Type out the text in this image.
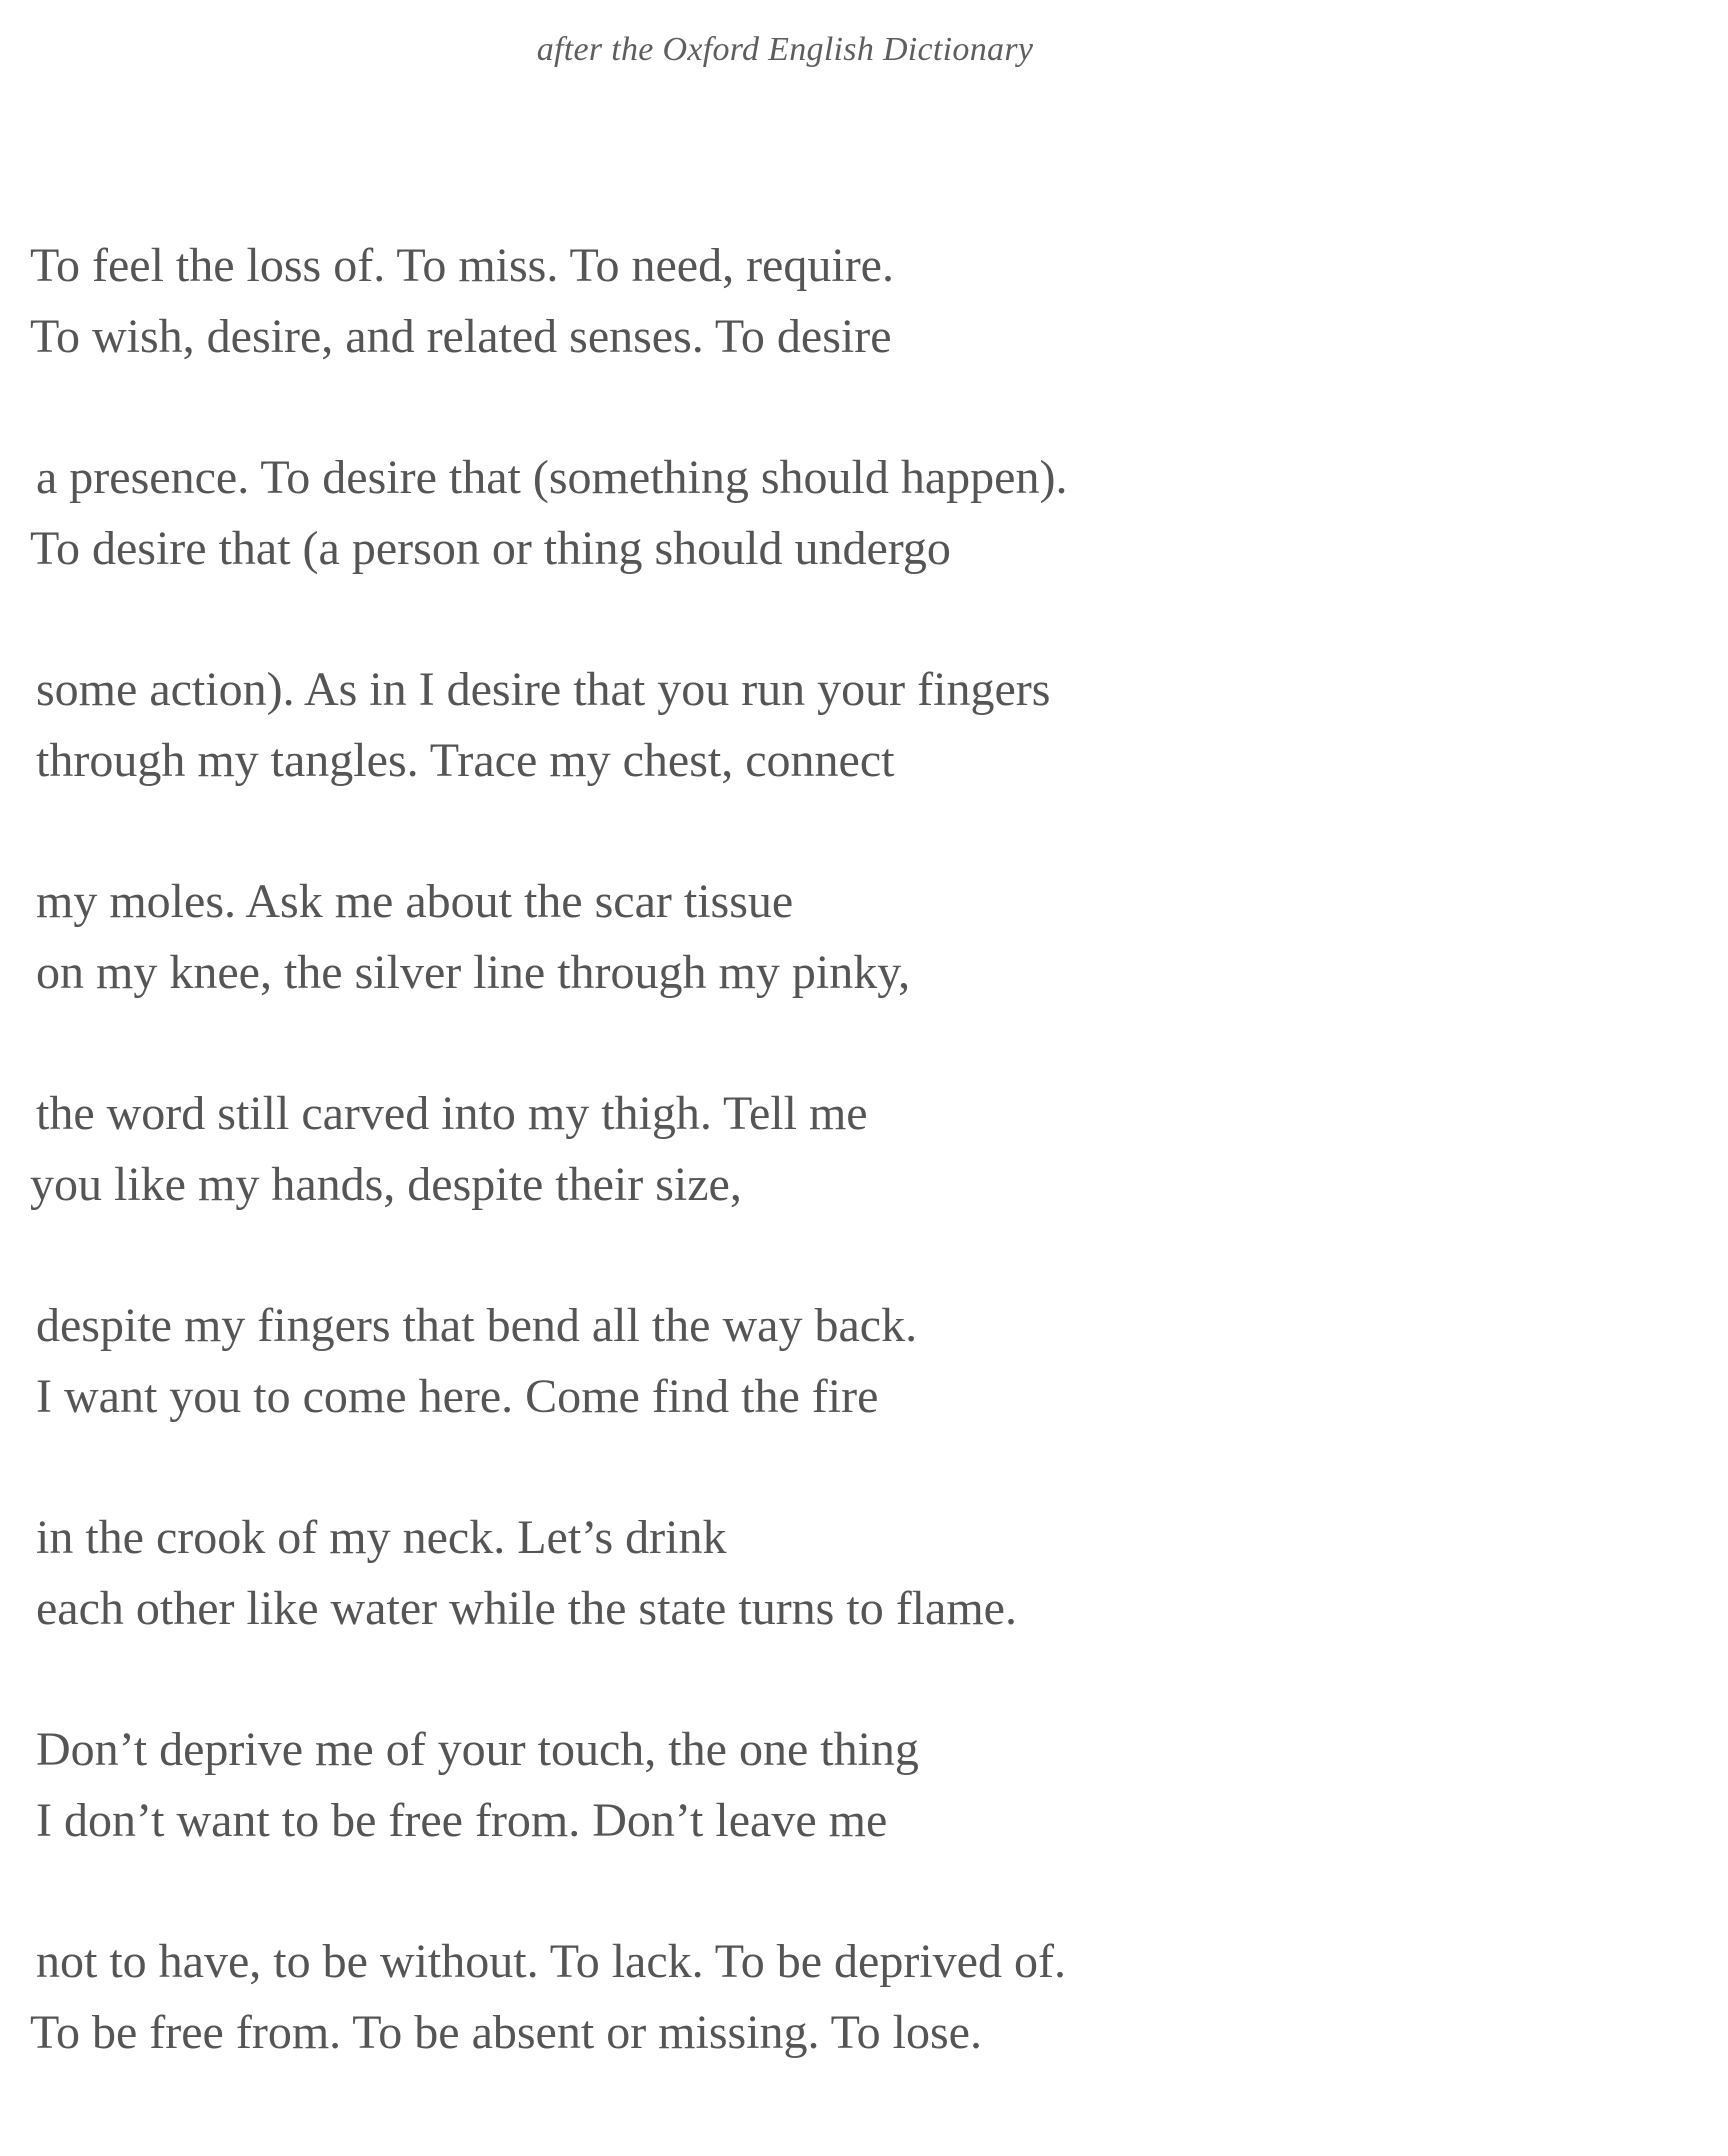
after the Oxford English Dictionary
To feel the loss of. To miss. To need, require.
To wish, desire, and related senses. To desire
a presence. To desire that (something should happen).
To desire that (a person or thing should undergo
some action). As in I desire that you run your fingers
through my tangles. Trace my chest, connect
my moles. Ask me about the scar tissue
on my knee, the silver line through my pinky,
the word still carved into my thigh. Tell me
you like my hands, despite their size,
despite my fingers that bend all the way back.
I want you to come here. Come find the fire
in the crook of my neck. Let’s drink
each other like water while the state turns to flame.
Don’t deprive me of your touch, the one thing
I don’t want to be free from. Don’t leave me
not to have, to be without. To lack. To be deprived of.
To be free from. To be absent or missing. To lose.
